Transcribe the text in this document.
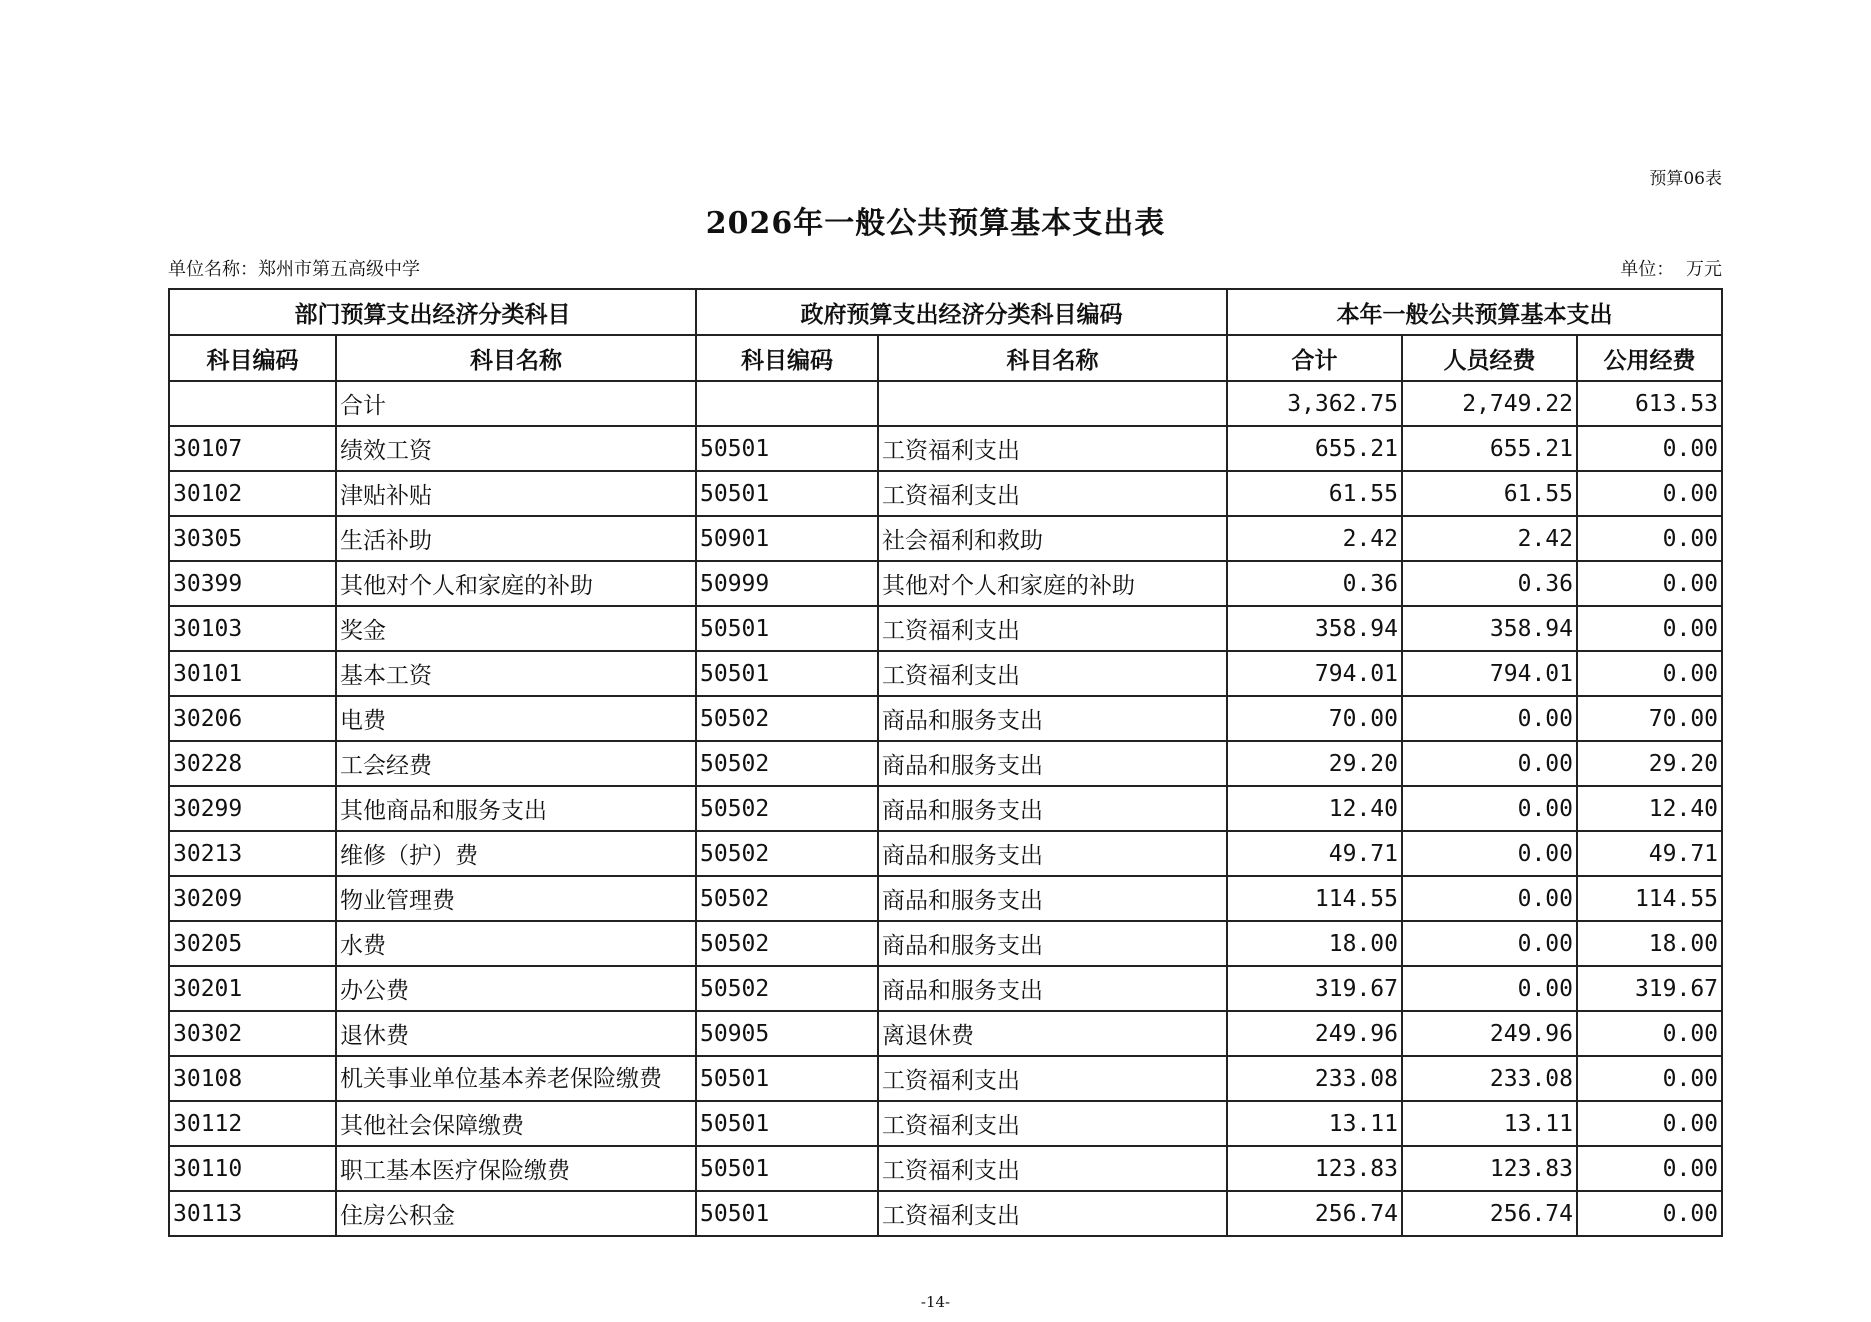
预算06表
2026年一般公共预算基本支出表
单位名称：郑州市第五高级中学	单位： 万元
部门预算支出经济分类科目		政府预算支出经济分类科目编码		本年一般公共预算基本支出		
科目编码	科目名称	科目编码	科目名称	合计	人员经费	公用经费
	合计			3,362.75	2,749.22	613.53
30107	绩效工资	50501	工资福利支出	655.21	655.21	0.00
30102	津贴补贴	50501	工资福利支出	61.55	61.55	0.00
30305	生活补助	50901	社会福利和救助	2.42	2.42	0.00
30399	其他对个人和家庭的补助	50999	其他对个人和家庭的补助	0.36	0.36	0.00
30103	奖金	50501	工资福利支出	358.94	358.94	0.00
30101	基本工资	50501	工资福利支出	794.01	794.01	0.00
30206	电费	50502	商品和服务支出	70.00	0.00	70.00
30228	工会经费	50502	商品和服务支出	29.20	0.00	29.20
30299	其他商品和服务支出	50502	商品和服务支出	12.40	0.00	12.40
30213	维修（护）费	50502	商品和服务支出	49.71	0.00	49.71
30209	物业管理费	50502	商品和服务支出	114.55	0.00	114.55
30205	水费	50502	商品和服务支出	18.00	0.00	18.00
30201	办公费	50502	商品和服务支出	319.67	0.00	319.67
30302	退休费	50905	离退休费	249.96	249.96	0.00
30108	机关事业单位基本养老保险缴费	50501	工资福利支出	233.08	233.08	0.00
30112	其他社会保障缴费	50501	工资福利支出	13.11	13.11	0.00
30110	职工基本医疗保险缴费	50501	工资福利支出	123.83	123.83	0.00
30113	住房公积金	50501	工资福利支出	256.74	256.74	0.00
-14-
